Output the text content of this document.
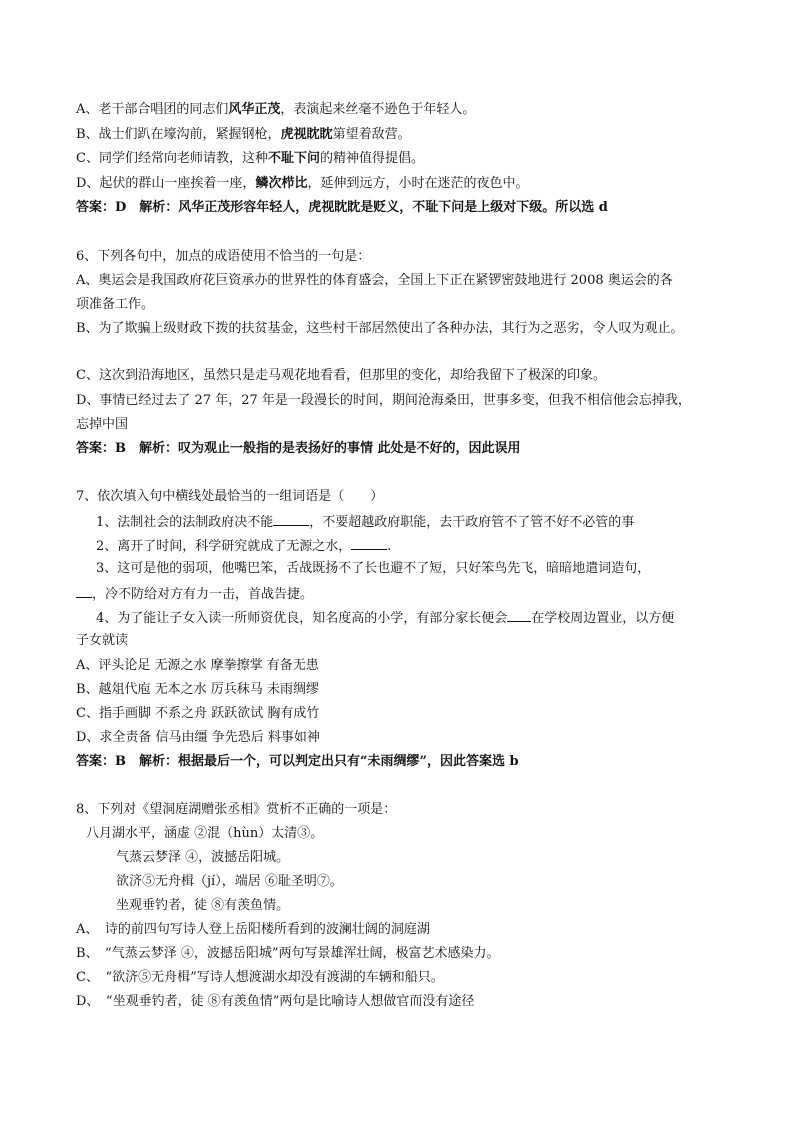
A、老干部合唱团的同志们风华正茂，表演起来丝毫不逊色于年轻人。
B、战士们趴在壕沟前，紧握钢枪，虎视眈眈第望着敌营。
C、同学们经常向老师请教，这种不耻下问的精神值得提倡。
D、起伏的群山一座挨着一座，鳞次栉比，延伸到远方，小时在迷茫的夜色中。
答案：D　解析：风华正茂形容年轻人，虎视眈眈是贬义，不耻下问是上级对下级。所以选 d
6、下列各句中，加点的成语使用不恰当的一句是：
A、奥运会是我国政府花巨资承办的世界性的体育盛会，全国上下正在紧锣密鼓地进行 2008 奥运会的各
项准备工作。
B、为了欺骗上级财政下拨的扶贫基金，这些村干部居然使出了各种办法，其行为之恶劣，令人叹为观止。
C、这次到沿海地区，虽然只是走马观花地看看，但那里的变化，却给我留下了极深的印象。
D、事情已经过去了 27 年，27 年是一段漫长的时间，期间沧海桑田，世事多变，但我不相信他会忘掉我，
忘掉中国
答案：B　解析：叹为观止一般指的是表扬好的事情 此处是不好的，因此误用
7、依次填入句中横线处最恰当的一组词语是（　　）
1、法制社会的法制政府决不能	，不要超越政府职能，去干政府管不了管不好不必管的事
2、离开了时间，科学研究就成了无源之水，	.
3、这可是他的弱项，他嘴巴笨，舌战既扬不了长也避不了短，只好笨鸟先飞，暗暗地遣词造句，
，冷不防给对方有力一击，首战告捷。
4、为了能让子女入读一所师资优良，知名度高的小学，有部分家长便会 在学校周边置业，以方便
子女就读
A、评头论足 无源之水 摩拳擦掌 有备无患
B、越俎代庖 无本之水 厉兵秣马 未雨绸缪
C、指手画脚 不系之舟 跃跃欲试 胸有成竹
D、求全责备 信马由缰 争先恐后 料事如神
答案：B　解析：根据最后一个，可以判定出只有“未雨绸缪”，因此答案选 b
8、下列对《望洞庭湖赠张丞相》赏析不正确的一项是：
八月湖水平，涵虚 ②混（hùn）太清③。
气蒸云梦泽 ④，波撼岳阳城。
欲济⑤无舟楫（jí），端居 ⑥耻圣明⑦。
坐观垂钓者，徒 ⑧有羡鱼情。
A、　诗的前四句写诗人登上岳阳楼所看到的波澜壮阔的洞庭湖
B、　“气蒸云梦泽 ④，波撼岳阳城”两句写景雄浑壮阔，极富艺术感染力。
C、　“欲济⑤无舟楫”写诗人想渡湖水却没有渡湖的车辆和船只。
D、　“坐观垂钓者，徒 ⑧有羡鱼情”两句是比喻诗人想做官而没有途径
